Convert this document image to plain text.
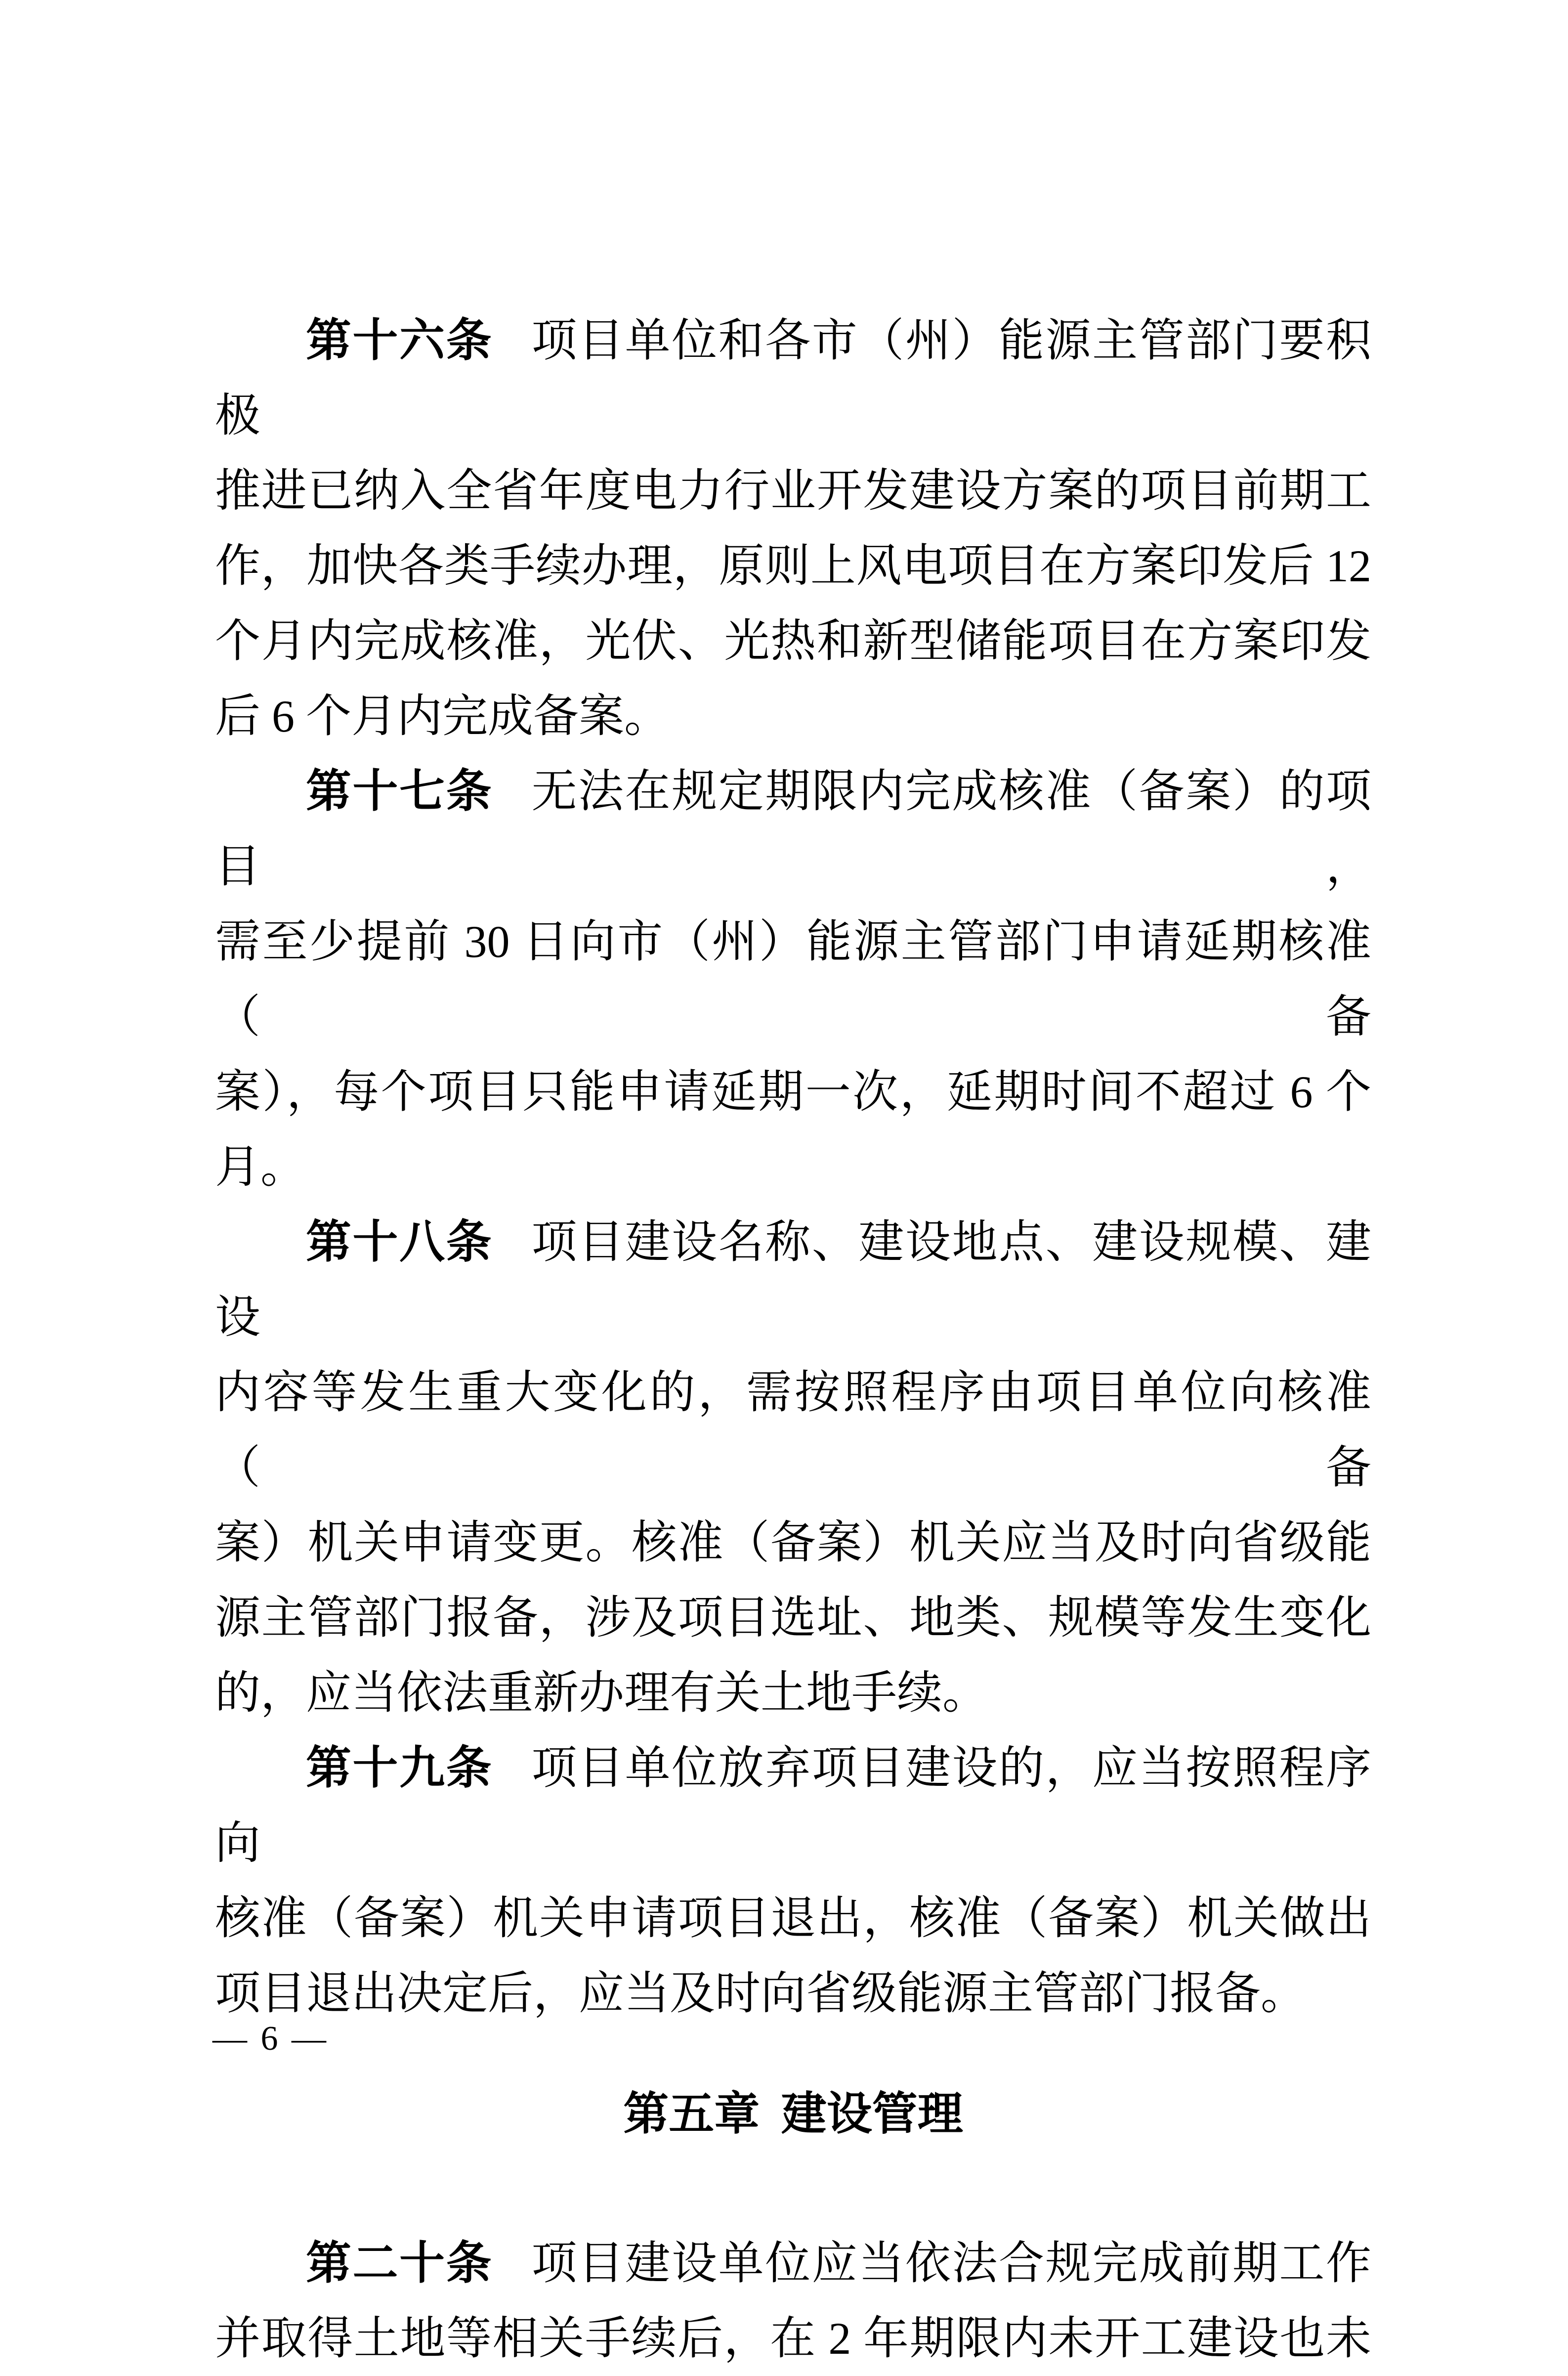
第十六条 项目单位和各市（州）能源主管部门要积极
推进已纳入全省年度电力行业开发建设方案的项目前期工
作，加快各类手续办理，原则上风电项目在方案印发后 12
个月内完成核准，光伏、光热和新型储能项目在方案印发
后 6 个月内完成备案。
第十七条 无法在规定期限内完成核准（备案）的项目，
需至少提前 30 日向市（州）能源主管部门申请延期核准（备
案），每个项目只能申请延期一次，延期时间不超过 6 个
月。
第十八条 项目建设名称、建设地点、建设规模、建设
内容等发生重大变化的，需按照程序由项目单位向核准（备
案）机关申请变更。核准（备案）机关应当及时向省级能
源主管部门报备，涉及项目选址、地类、规模等发生变化
的，应当依法重新办理有关土地手续。
第十九条 项目单位放弃项目建设的，应当按照程序向
核准（备案）机关申请项目退出，核准（备案）机关做出
项目退出决定后，应当及时向省级能源主管部门报备。
第五章 建设管理
第二十条 项目建设单位应当依法合规完成前期工作
并取得土地等相关手续后，在 2 年期限内未开工建设也未
— 6 —
